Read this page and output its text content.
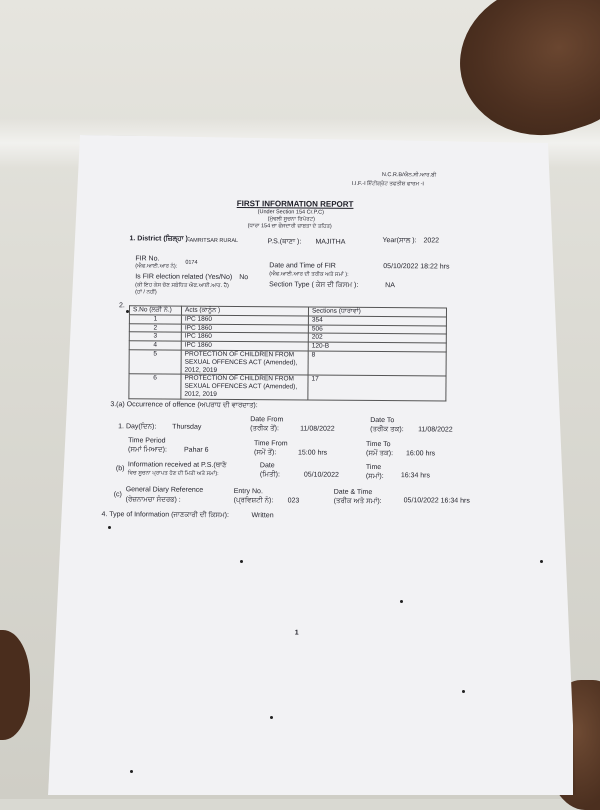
N.C.R.B/ਐਨ.ਸੀ.ਆਰ.ਬੀ
I.I.F.-I ਇੰਟੀਗ੍ਰੇਟ ਤਫਤੀਸ਼ ਫਾਰਮ -I
FIRST INFORMATION REPORT
(Under Section 154 Cr.P.C)
(ਮੁੱਢਲੀ ਸੂਚਨਾ ਰਿਪੋਰਟ)
(ਧਾਰਾ 154 ਜ਼ਾ ਫੌਜਦਾਰੀ ਜ਼ਾਬਤਾ ਦੇ ਤਹਿਤ)
1. District (ਜ਼ਿਲ੍ਹਾ ): AMRITSAR RURAL	P.S.(ਥਾਣਾ ): MAJITHA	Year(ਸਾਲ ): 2022
FIR No.
(ਐਫ.ਆਈ.ਆਰ ਨੰ):
0174	Date and Time of FIR
(ਐਫ.ਆਈ.ਆਰ ਦੀ ਤਰੀਕ ਅਤੇ ਸਮਾਂ ):
05/10/2022 18:22 hrs
Is FIR election related (Yes/No) No
(ਕੀ ਇਹ ਕੇਸ ਚੋਣ ਸਬੰਧਿਤ ਐਫ.ਆਈ.ਆਰ. ਹੈ)
(ਹਾਂ / ਨਹੀਂ)
Section Type ( ਕੇਸ ਦੀ ਕਿਸਮ ):	NA
2.
S.No (ਲੜੀ ਨੰ.)	Acts (ਕਾਨੂੰਨ )	Sections (ਧਾਰਾਵਾਂ)
1	IPC 1860	354
2	IPC 1860	506
3	IPC 1860	202
4	IPC 1860	120-B
5	PROTECTION OF CHILDREN FROM SEXUAL OFFENCES ACT (Amended), 2012, 2019	8
6	PROTECTION OF CHILDREN FROM SEXUAL OFFENCES ACT (Amended), 2012, 2019	17
3.(a) Occurrence of offence (ਅਪਰਾਧ ਦੀ ਵਾਰਦਾਤ):
Date From	Date To
1. Day(ਦਿਨ): Thursday	(ਤਰੀਕ ਤੋਂ):	11/08/2022	(ਤਰੀਕ ਤਕ): 11/08/2022
Time Period	Time From	Time To
(ਸਮਾਂ ਮਿਆਦ): Pahar 6	(ਸਮੇਂ ਤੋਂ):	15:00 hrs	(ਸਮੇਂ ਤਕ): 16:00 hrs
(b) Information received at P.S.(ਥਾਣੇ
ਵਿਚ ਸੂਚਨਾ ਪ੍ਰਾਪਤ ਹੋਣ ਦੀ ਮਿਤੀ ਅਤੇ ਸਮਾਂ):
Date
(ਮਿਤੀ):	05/10/2022
Time
(ਸਮਾਂ): 16:34 hrs
(c)
General Diary Reference
(ਰੋਜ਼ਨਾਮਚਾ ਸੰਦਰਭ) :
Entry No.
(ਪ੍ਰਵਿਸ਼ਟੀ ਨੰ): 023
Date & Time
(ਤਰੀਕ ਅਤੇ ਸਮਾਂ):	05/10/2022 16:34 hrs
4. Type of Information (ਜਾਣਕਾਰੀ ਦੀ ਕਿਸਮ):	Written
1
